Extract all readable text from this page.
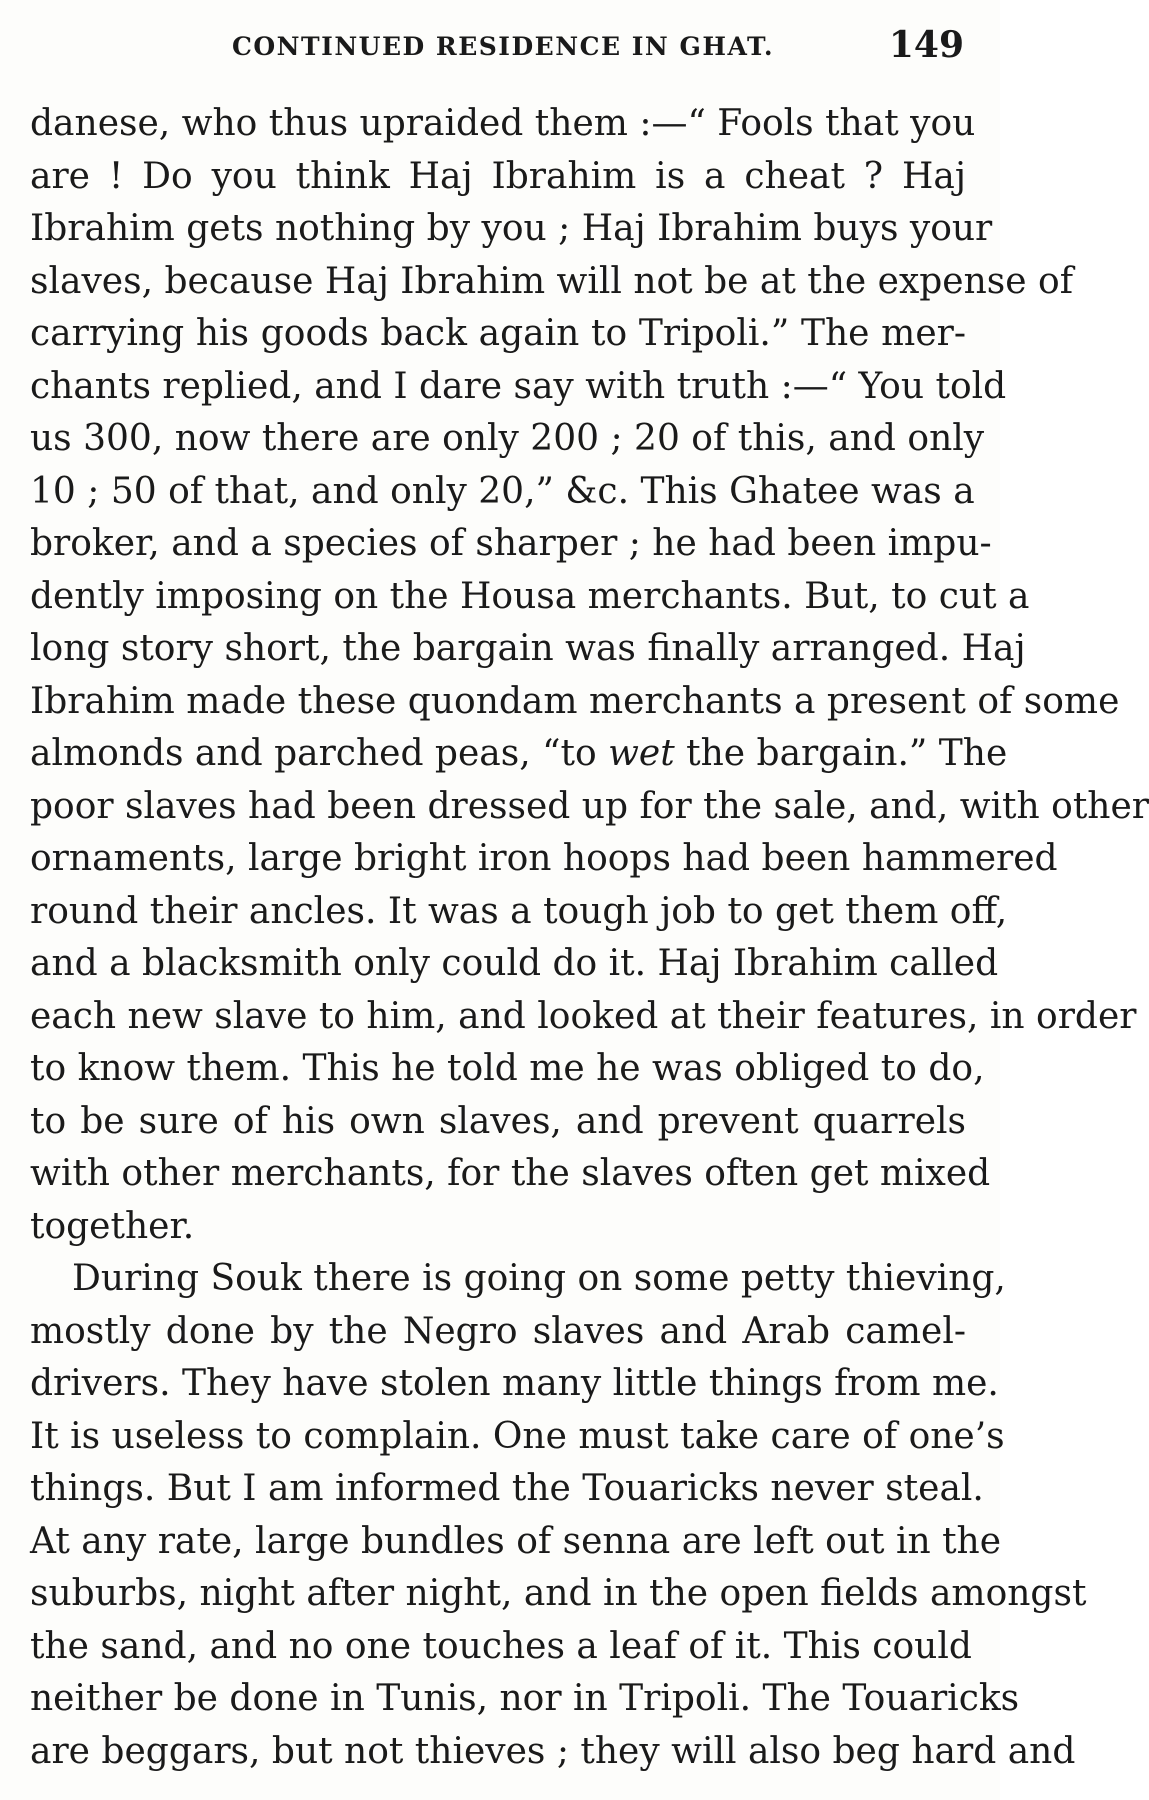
CONTINUED RESIDENCE IN GHAT.	149
danese, who thus upraided them :—“ Fools that you
are ! Do you think Haj Ibrahim is a cheat ? Haj
Ibrahim gets nothing by you ; Haj Ibrahim buys your
slaves, because Haj Ibrahim will not be at the expense of
carrying his goods back again to Tripoli.” The mer-
chants replied, and I dare say with truth :—“ You told
us 300, now there are only 200 ; 20 of this, and only
10 ; 50 of that, and only 20,” &c. This Ghatee was a
broker, and a species of sharper ; he had been impu-
dently imposing on the Housa merchants. But, to cut a
long story short, the bargain was finally arranged. Haj
Ibrahim made these quondam merchants a present of some
almonds and parched peas, “to wet the bargain.” The
poor slaves had been dressed up for the sale, and, with other
ornaments, large bright iron hoops had been hammered
round their ancles. It was a tough job to get them off,
and a blacksmith only could do it. Haj Ibrahim called
each new slave to him, and looked at their features, in order
to know them. This he told me he was obliged to do,
to be sure of his own slaves, and prevent quarrels
with other merchants, for the slaves often get mixed
together.
During Souk there is going on some petty thieving,
mostly done by the Negro slaves and Arab camel-
drivers. They have stolen many little things from me.
It is useless to complain. One must take care of one’s
things. But I am informed the Touaricks never steal.
At any rate, large bundles of senna are left out in the
suburbs, night after night, and in the open fields amongst
the sand, and no one touches a leaf of it. This could
neither be done in Tunis, nor in Tripoli. The Touaricks
are beggars, but not thieves ; they will also beg hard and
